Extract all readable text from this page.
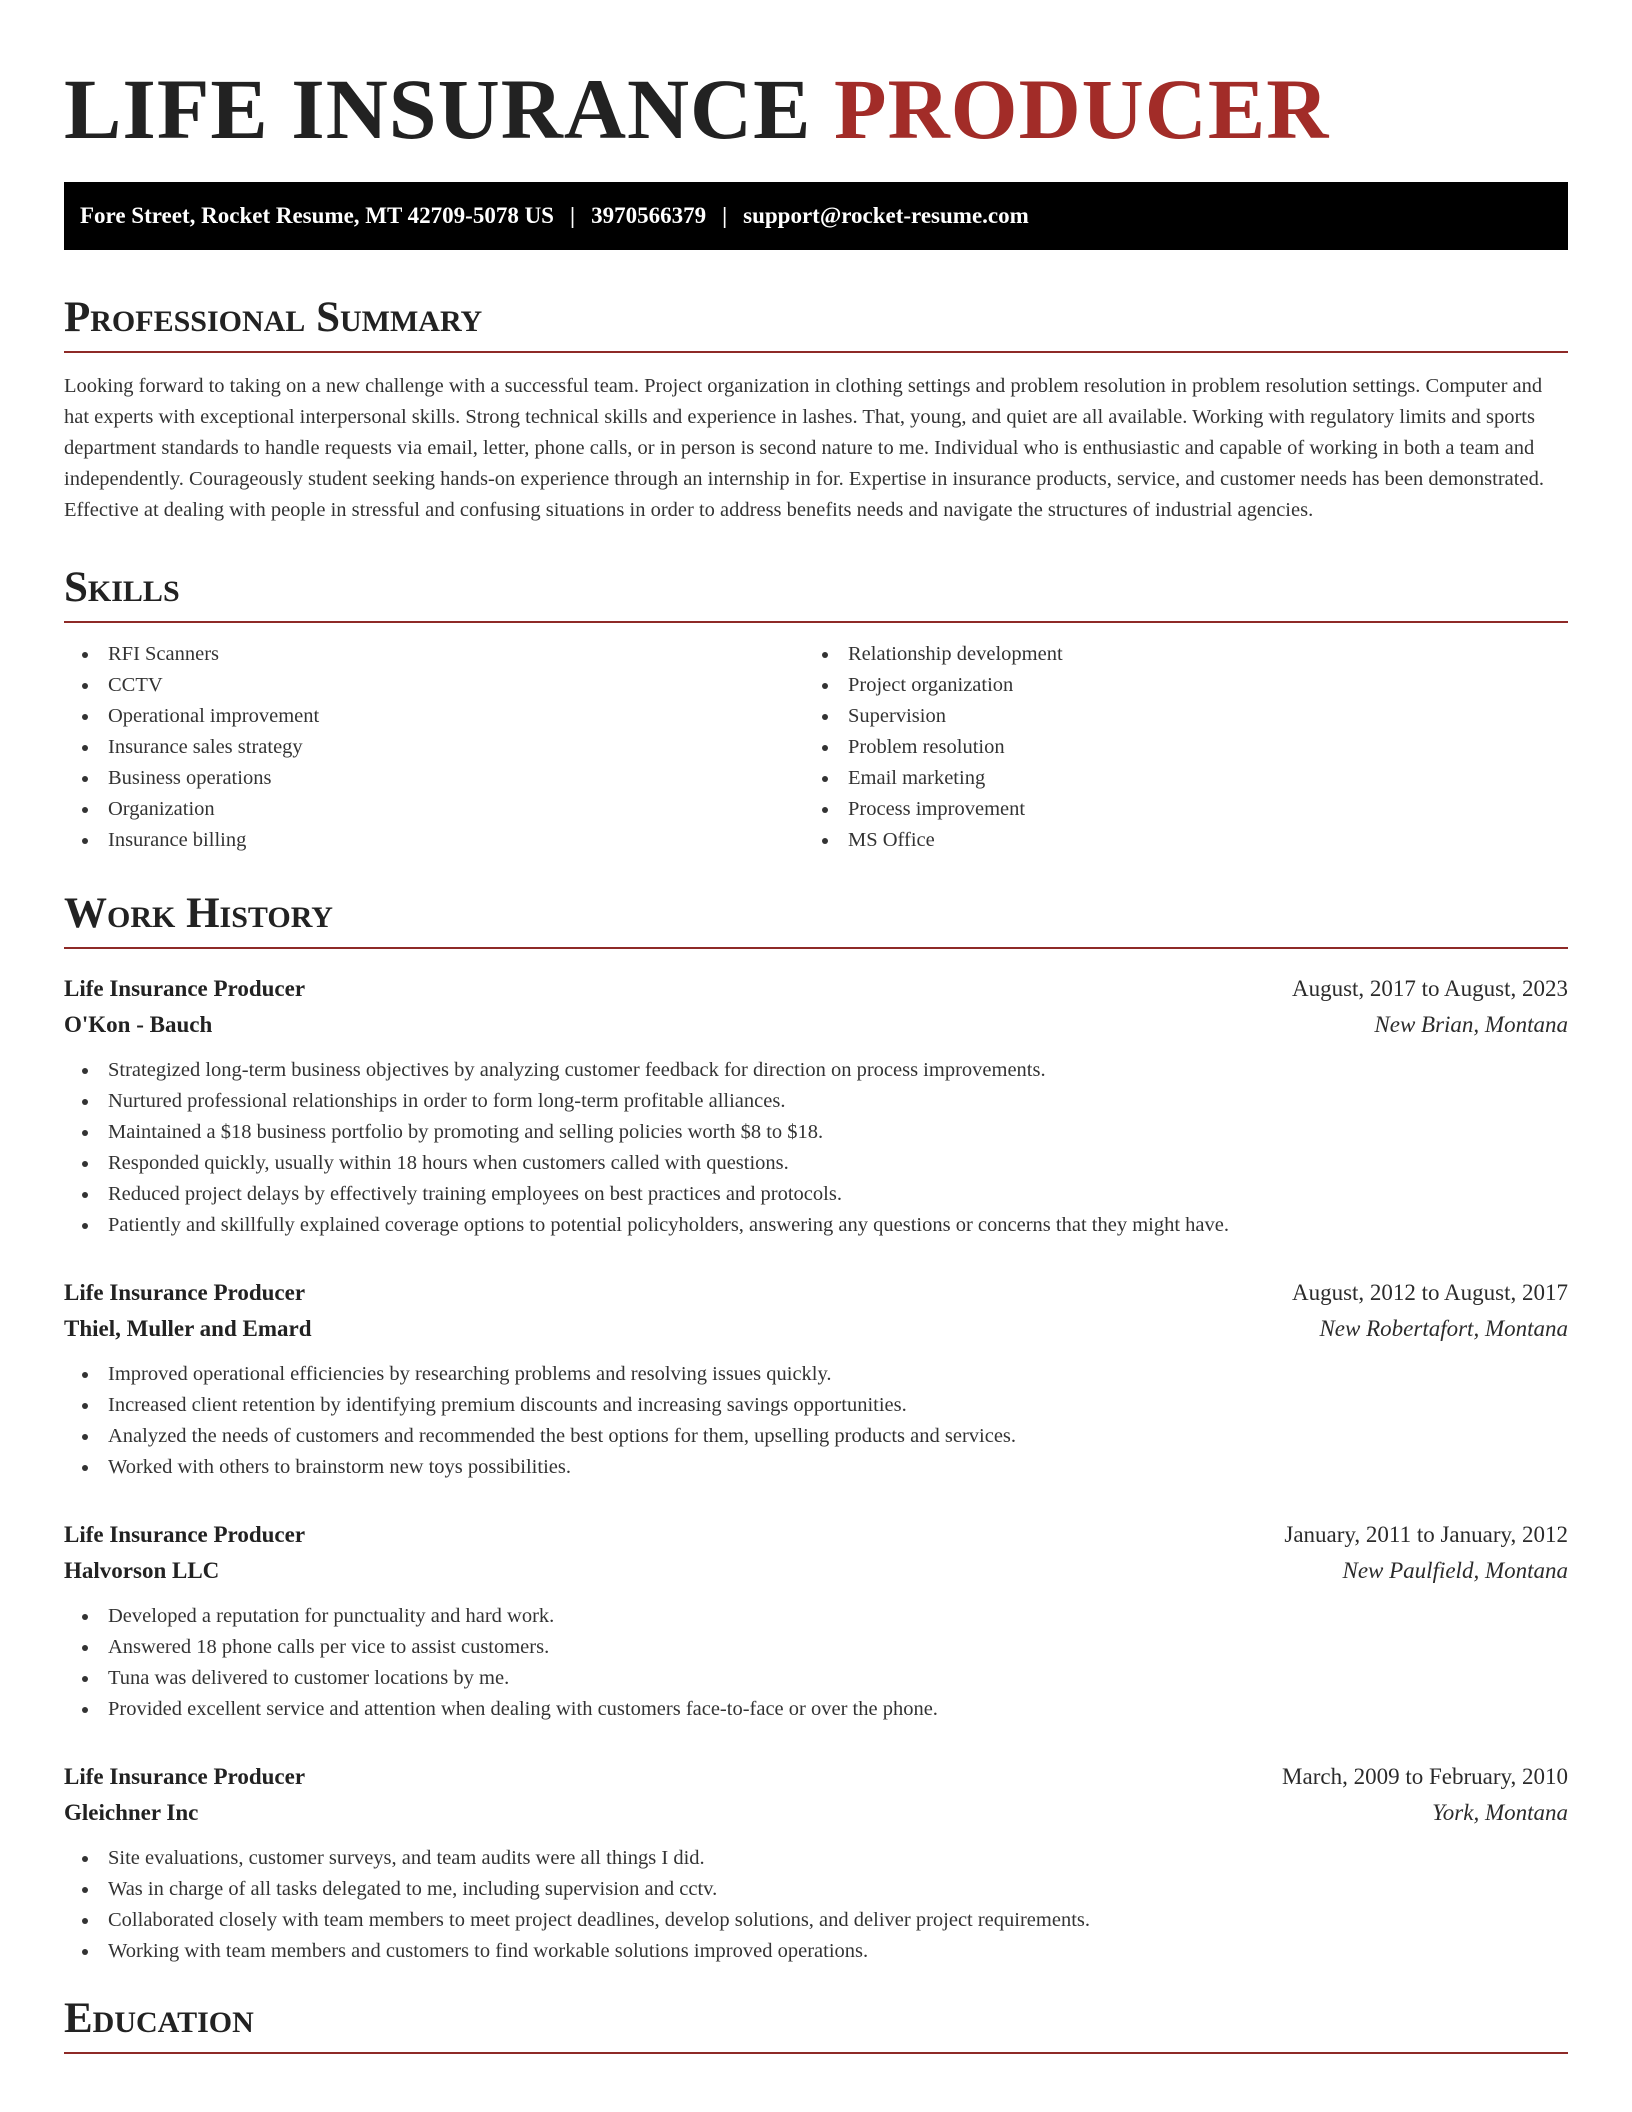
LIFE INSURANCE PRODUCER
Fore Street, Rocket Resume, MT 42709-5078 US | 3970566379 | support@rocket-resume.com
Professional Summary

Looking forward to taking on a new challenge with a successful team. Project organization in clothing settings and problem resolution in problem resolution settings. Computer and hat experts with exceptional interpersonal skills. Strong technical skills and experience in lashes. That, young, and quiet are all available. Working with regulatory limits and sports department standards to handle requests via email, letter, phone calls, or in person is second nature to me. Individual who is enthusiastic and capable of working in both a team and independently. Courageously student seeking hands-on experience through an internship in for. Expertise in insurance products, service, and customer needs has been demonstrated. Effective at dealing with people in stressful and confusing situations in order to address benefits needs and navigate the structures of industrial agencies.

Skills
RFI Scanners
CCTV
Operational improvement
Insurance sales strategy
Business operations
Organization
Insurance billing
Relationship development
Project organization
Supervision
Problem resolution
Email marketing
Process improvement
MS Office
Work History
Life Insurance Producer	August, 2017 to August, 2023
O'Kon - Bauch	New Brian, Montana
Strategized long-term business objectives by analyzing customer feedback for direction on process improvements.
Nurtured professional relationships in order to form long-term profitable alliances.
Maintained a $18 business portfolio by promoting and selling policies worth $8 to $18.
Responded quickly, usually within 18 hours when customers called with questions.
Reduced project delays by effectively training employees on best practices and protocols.
Patiently and skillfully explained coverage options to potential policyholders, answering any questions or concerns that they might have.
Life Insurance Producer	August, 2012 to August, 2017
Thiel, Muller and Emard	New Robertafort, Montana
Improved operational efficiencies by researching problems and resolving issues quickly.
Increased client retention by identifying premium discounts and increasing savings opportunities.
Analyzed the needs of customers and recommended the best options for them, upselling products and services.
Worked with others to brainstorm new toys possibilities.
Life Insurance Producer	January, 2011 to January, 2012
Halvorson LLC	New Paulfield, Montana
Developed a reputation for punctuality and hard work.
Answered 18 phone calls per vice to assist customers.
Tuna was delivered to customer locations by me.
Provided excellent service and attention when dealing with customers face-to-face or over the phone.
Life Insurance Producer	March, 2009 to February, 2010
Gleichner Inc	York, Montana
Site evaluations, customer surveys, and team audits were all things I did.
Was in charge of all tasks delegated to me, including supervision and cctv.
Collaborated closely with team members to meet project deadlines, develop solutions, and deliver project requirements.
Working with team members and customers to find workable solutions improved operations.
Education
